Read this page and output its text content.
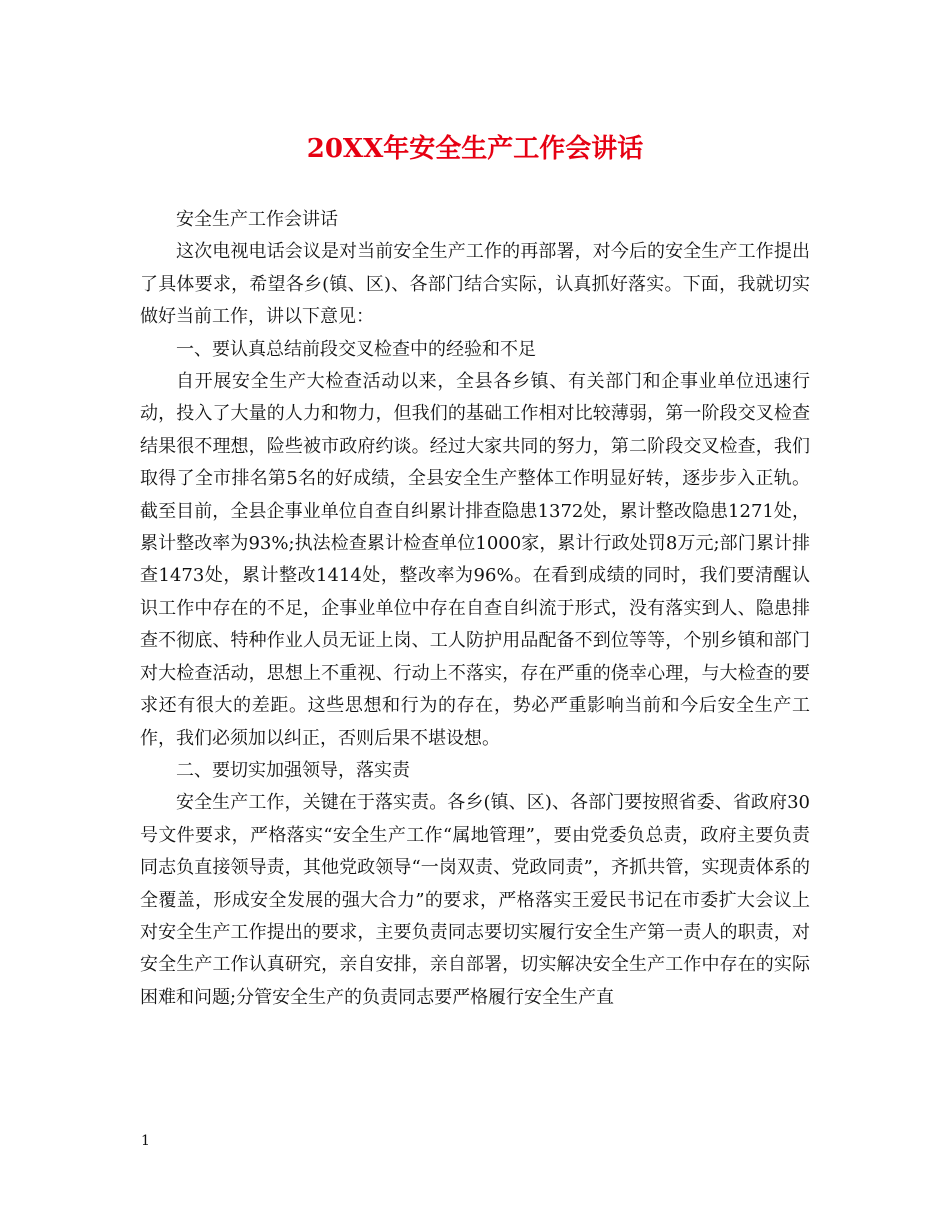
20XX年安全生产工作会讲话

安全生产工作会讲话

这次电视电话会议是对当前安全生产工作的再部署，对今后的安全生产工作提出了具体要求，希望各乡(镇、区)、各部门结合实际，认真抓好落实。下面，我就切实做好当前工作，讲以下意见：

一、要认真总结前段交叉检查中的经验和不足

自开展安全生产大检查活动以来，全县各乡镇、有关部门和企事业单位迅速行动，投入了大量的人力和物力，但我们的基础工作相对比较薄弱，第一阶段交叉检查结果很不理想，险些被市政府约谈。经过大家共同的努力，第二阶段交叉检查，我们取得了全市排名第5名的好成绩，全县安全生产整体工作明显好转，逐步步入正轨。截至目前，全县企事业单位自查自纠累计排查隐患1372处，累计整改隐患1271处，累计整改率为93%;执法检查累计检查单位1000家，累计行政处罚8万元;部门累计排查1473处，累计整改1414处，整改率为96%。在看到成绩的同时，我们要清醒认识工作中存在的不足，企事业单位中存在自查自纠流于形式，没有落实到人、隐患排查不彻底、特种作业人员无证上岗、工人防护用品配备不到位等等，个别乡镇和部门对大检查活动，思想上不重视、行动上不落实，存在严重的侥幸心理，与大检查的要求还有很大的差距。这些思想和行为的存在，势必严重影响当前和今后安全生产工作，我们必须加以纠正，否则后果不堪设想。

二、要切实加强领导，落实责

安全生产工作，关键在于落实责。各乡(镇、区)、各部门要按照省委、省政府30号文件要求，严格落实“安全生产工作“属地管理”，要由党委负总责，政府主要负责同志负直接领导责，其他党政领导“一岗双责、党政同责”，齐抓共管，实现责体系的全覆盖，形成安全发展的强大合力”的要求，严格落实王爱民书记在市委扩大会议上对安全生产工作提出的要求，主要负责同志要切实履行安全生产第一责人的职责，对安全生产工作认真研究，亲自安排，亲自部署，切实解决安全生产工作中存在的实际困难和问题;分管安全生产的负责同志要严格履行安全生产直

1
